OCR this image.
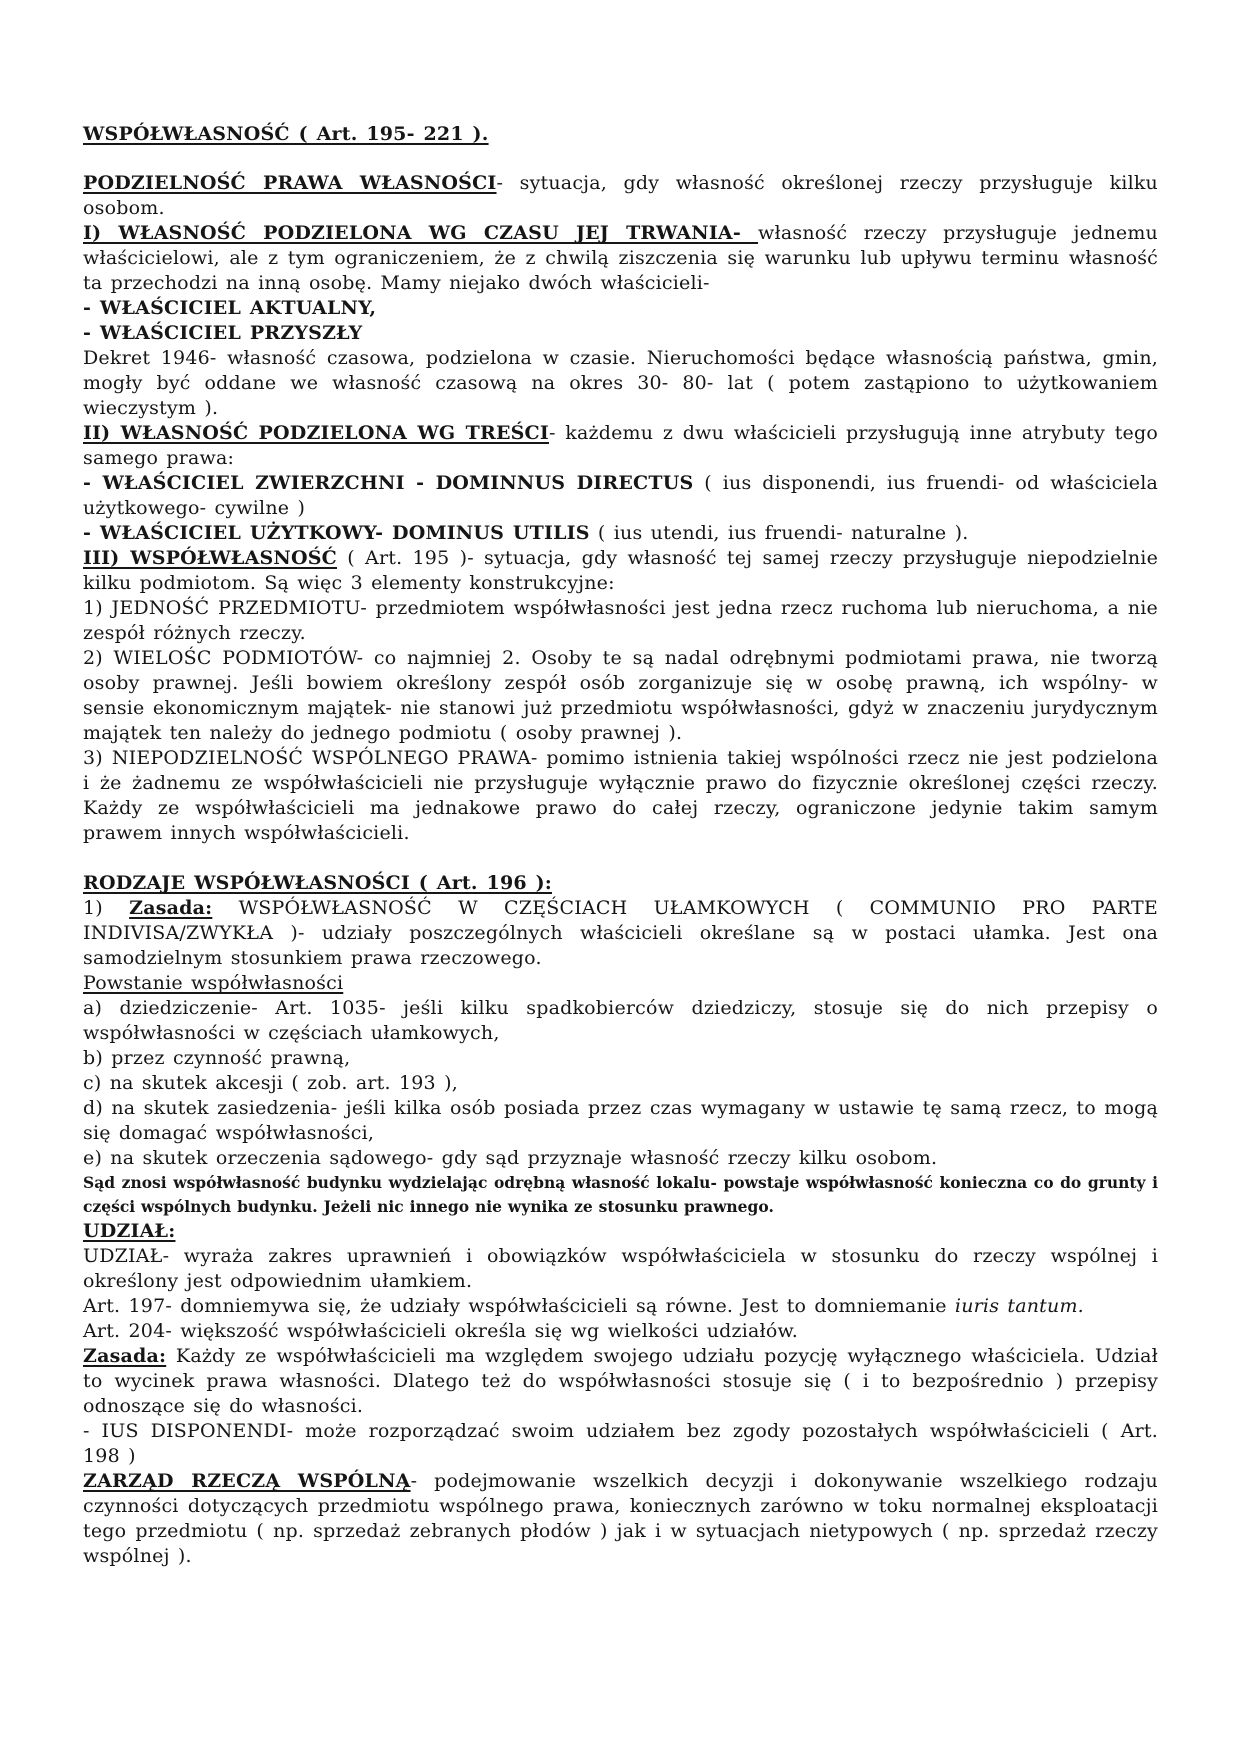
WSPÓŁWŁASNOŚĆ ( Art. 195- 221 ).

PODZIELNOŚĆ PRAWA WŁASNOŚCI- sytuacja, gdy własność określonej rzeczy przysługuje kilku osobom.

I) WŁASNOŚĆ PODZIELONA WG CZASU JEJ TRWANIA- własność rzeczy przysługuje jednemu właścicielowi, ale z tym ograniczeniem, że z chwilą ziszczenia się warunku lub upływu terminu własność ta przechodzi na inną osobę. Mamy niejako dwóch właścicieli-

- WŁAŚCICIEL AKTUALNY,

- WŁAŚCICIEL PRZYSZŁY

Dekret 1946- własność czasowa, podzielona w czasie. Nieruchomości będące własnością państwa, gmin, mogły być oddane we własność czasową na okres 30- 80- lat ( potem zastąpiono to użytkowaniem wieczystym ).

II) WŁASNOŚĆ PODZIELONA WG TREŚCI- każdemu z dwu właścicieli przysługują inne atrybuty tego samego prawa:

- WŁAŚCICIEL ZWIERZCHNI - DOMINNUS DIRECTUS ( ius disponendi, ius fruendi- od właściciela użytkowego- cywilne )

- WŁAŚCICIEL UŻYTKOWY- DOMINUS UTILIS ( ius utendi, ius fruendi- naturalne ).

III) WSPÓŁWŁASNOŚĆ ( Art. 195 )- sytuacja, gdy własność tej samej rzeczy przysługuje niepodzielnie kilku podmiotom. Są więc 3 elementy konstrukcyjne:

1) JEDNOŚĆ PRZEDMIOTU- przedmiotem współwłasności jest jedna rzecz ruchoma lub nieruchoma, a nie zespół różnych rzeczy.

2) WIELOŚC PODMIOTÓW- co najmniej 2. Osoby te są nadal odrębnymi podmiotami prawa, nie tworzą osoby prawnej. Jeśli bowiem określony zespół osób zorganizuje się w osobę prawną, ich wspólny- w sensie ekonomicznym majątek- nie stanowi już przedmiotu współwłasności, gdyż w znaczeniu jurydycznym majątek ten należy do jednego podmiotu ( osoby prawnej ).

3) NIEPODZIELNOŚĆ WSPÓLNEGO PRAWA- pomimo istnienia takiej wspólności rzecz nie jest podzielona i że żadnemu ze współwłaścicieli nie przysługuje wyłącznie prawo do fizycznie określonej części rzeczy. Każdy ze współwłaścicieli ma jednakowe prawo do całej rzeczy, ograniczone jedynie takim samym prawem innych współwłaścicieli.

RODZAJE WSPÓŁWŁASNOŚCI ( Art. 196 ):

1) Zasada: WSPÓŁWŁASNOŚĆ W CZĘŚCIACH UŁAMKOWYCH ( COMMUNIO PRO PARTE INDIVISA/ZWYKŁA )- udziały poszczególnych właścicieli określane są w postaci ułamka. Jest ona samodzielnym stosunkiem prawa rzeczowego.

Powstanie współwłasności

a) dziedziczenie- Art. 1035- jeśli kilku spadkobierców dziedziczy, stosuje się do nich przepisy o współwłasności w częściach ułamkowych,

b) przez czynność prawną,

c) na skutek akcesji ( zob. art. 193 ),

d) na skutek zasiedzenia- jeśli kilka osób posiada przez czas wymagany w ustawie tę samą rzecz, to mogą się domagać współwłasności,

e) na skutek orzeczenia sądowego- gdy sąd przyznaje własność rzeczy kilku osobom.

Sąd znosi współwłasność budynku wydzielając odrębną własność lokalu- powstaje współwłasność konieczna co do grunty i części wspólnych budynku. Jeżeli nic innego nie wynika ze stosunku prawnego.

UDZIAŁ:

UDZIAŁ- wyraża zakres uprawnień i obowiązków współwłaściciela w stosunku do rzeczy wspólnej i określony jest odpowiednim ułamkiem.

Art. 197- domniemywa się, że udziały współwłaścicieli są równe. Jest to domniemanie iuris tantum.

Art. 204- większość współwłaścicieli określa się wg wielkości udziałów.

Zasada: Każdy ze współwłaścicieli ma względem swojego udziału pozycję wyłącznego właściciela. Udział to wycinek prawa własności. Dlatego też do współwłasności stosuje się ( i to bezpośrednio ) przepisy odnoszące się do własności.

- IUS DISPONENDI- może rozporządzać swoim udziałem bez zgody pozostałych współwłaścicieli ( Art. 198 )

ZARZĄD RZECZĄ WSPÓLNĄ- podejmowanie wszelkich decyzji i dokonywanie wszelkiego rodzaju czynności dotyczących przedmiotu wspólnego prawa, koniecznych zarówno w toku normalnej eksploatacji tego przedmiotu ( np. sprzedaż zebranych płodów ) jak i w sytuacjach nietypowych ( np. sprzedaż rzeczy wspólnej ).
